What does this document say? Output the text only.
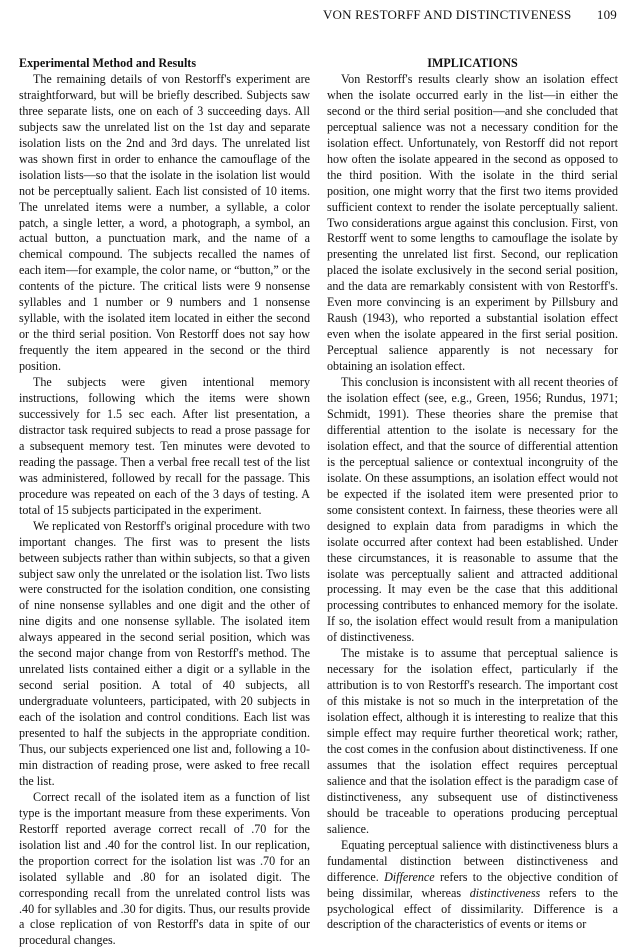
VON RESTORFF AND DISTINCTIVENESS 109

Experimental Method and Results

The remaining details of von Restorff's experiment are straightforward, but will be briefly described. Subjects saw three separate lists, one on each of 3 succeeding days. All subjects saw the unrelated list on the 1st day and separate isolation lists on the 2nd and 3rd days. The unrelated list was shown first in order to enhance the camouflage of the isolation lists—so that the isolate in the isolation list would not be perceptually salient. Each list consisted of 10 items. The unrelated items were a number, a syllable, a color patch, a single letter, a word, a photograph, a symbol, an actual button, a punctuation mark, and the name of a chemical compound. The subjects recalled the names of each item—for example, the color name, or “button,” or the contents of the picture. The critical lists were 9 nonsense syllables and 1 number or 9 numbers and 1 nonsense syllable, with the isolated item located in either the second or the third serial position. Von Restorff does not say how frequently the item appeared in the second or the third position.

The subjects were given intentional memory instructions, following which the items were shown successively for 1.5 sec each. After list presentation, a distractor task required subjects to read a prose passage for a subsequent memory test. Ten minutes were devoted to reading the passage. Then a verbal free recall test of the list was administered, followed by recall for the passage. This procedure was repeated on each of the 3 days of testing. A total of 15 subjects participated in the experiment.

We replicated von Restorff's original procedure with two important changes. The first was to present the lists between subjects rather than within subjects, so that a given subject saw only the unrelated or the isolation list. Two lists were constructed for the isolation condition, one consisting of nine nonsense syllables and one digit and the other of nine digits and one nonsense syllable. The isolated item always appeared in the second serial position, which was the second major change from von Restorff's method. The unrelated lists contained either a digit or a syllable in the second serial position. A total of 40 subjects, all undergraduate volunteers, participated, with 20 subjects in each of the isolation and control conditions. Each list was presented to half the subjects in the appropriate condition. Thus, our subjects experienced one list and, following a 10-min distraction of reading prose, were asked to free recall the list.

Correct recall of the isolated item as a function of list type is the important measure from these experiments. Von Restorff reported average correct recall of .70 for the isolation list and .40 for the control list. In our replication, the proportion correct for the isolation list was .70 for an isolated syllable and .80 for an isolated digit. The corresponding recall from the unrelated control lists was .40 for syllables and .30 for digits. Thus, our results provide a close replication of von Restorff's data in spite of our procedural changes.

IMPLICATIONS

Von Restorff's results clearly show an isolation effect when the isolate occurred early in the list—in either the second or the third serial position—and she concluded that perceptual salience was not a necessary condition for the isolation effect. Unfortunately, von Restorff did not report how often the isolate appeared in the second as opposed to the third position. With the isolate in the third serial position, one might worry that the first two items provided sufficient context to render the isolate perceptually salient. Two considerations argue against this conclusion. First, von Restorff went to some lengths to camouflage the isolate by presenting the unrelated list first. Second, our replication placed the isolate exclusively in the second serial position, and the data are remarkably consistent with von Restorff's. Even more convincing is an experiment by Pillsbury and Raush (1943), who reported a substantial isolation effect even when the isolate appeared in the first serial position. Perceptual salience apparently is not necessary for obtaining an isolation effect.

This conclusion is inconsistent with all recent theories of the isolation effect (see, e.g., Green, 1956; Rundus, 1971; Schmidt, 1991). These theories share the premise that differential attention to the isolate is necessary for the isolation effect, and that the source of differential attention is the perceptual salience or contextual incongruity of the isolate. On these assumptions, an isolation effect would not be expected if the isolated item were presented prior to some consistent context. In fairness, these theories were all designed to explain data from paradigms in which the isolate occurred after context had been established. Under these circumstances, it is reasonable to assume that the isolate was perceptually salient and attracted additional processing. It may even be the case that this additional processing contributes to enhanced memory for the isolate. If so, the isolation effect would result from a manipulation of distinctiveness.

The mistake is to assume that perceptual salience is necessary for the isolation effect, particularly if the attribution is to von Restorff's research. The important cost of this mistake is not so much in the interpretation of the isolation effect, although it is interesting to realize that this simple effect may require further theoretical work; rather, the cost comes in the confusion about distinctiveness. If one assumes that the isolation effect requires perceptual salience and that the isolation effect is the paradigm case of distinctiveness, any subsequent use of distinctiveness should be traceable to operations producing perceptual salience.

Equating perceptual salience with distinctiveness blurs a fundamental distinction between distinctiveness and difference. Difference refers to the objective condition of being dissimilar, whereas distinctiveness refers to the psychological effect of dissimilarity. Difference is a description of the characteristics of events or items or
